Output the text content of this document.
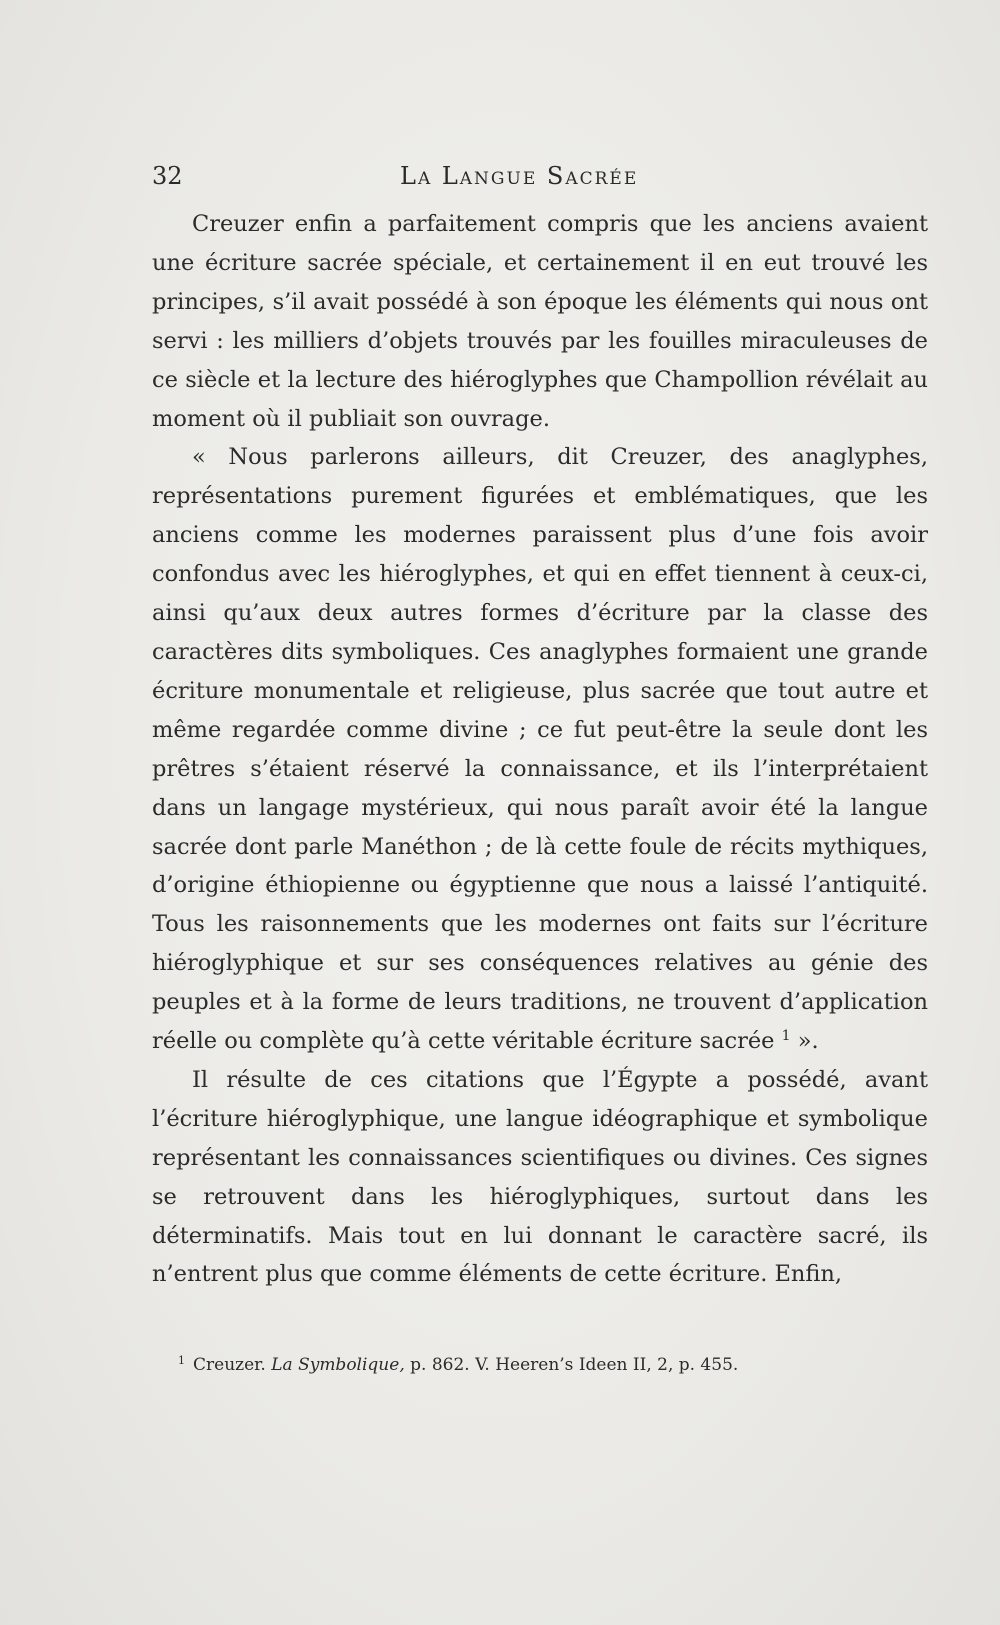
32	La Langue Sacrée

Creuzer enfin a parfaitement compris que les anciens avaient une écriture sacrée spéciale, et certainement il en eut trouvé les principes, s’il avait possédé à son époque les éléments qui nous ont servi : les milliers d’objets trouvés par les fouilles miraculeuses de ce siècle et la lecture des hiéroglyphes que Champollion révélait au moment où il publiait son ouvrage.

« Nous parlerons ailleurs, dit Creuzer, des anaglyphes, représentations purement figurées et emblématiques, que les anciens comme les modernes paraissent plus d’une fois avoir confondus avec les hiéroglyphes, et qui en effet tiennent à ceux-ci, ainsi qu’aux deux autres formes d’écriture par la classe des caractères dits symboliques. Ces anaglyphes formaient une grande écriture monumentale et religieuse, plus sacrée que tout autre et même regardée comme divine ; ce fut peut-être la seule dont les prêtres s’étaient réservé la connaissance, et ils l’interprétaient dans un langage mystérieux, qui nous paraît avoir été la langue sacrée dont parle Manéthon ; de là cette foule de récits mythiques, d’origine éthiopienne ou égyptienne que nous a laissé l’antiquité. Tous les raisonnements que les modernes ont faits sur l’écriture hiéroglyphique et sur ses conséquences relatives au génie des peuples et à la forme de leurs traditions, ne trouvent d’application réelle ou complète qu’à cette véritable écriture sacrée $^1$ ».

Il résulte de ces citations que l’Égypte a possédé, avant l’écriture hiéroglyphique, une langue idéographique et symbolique représentant les connaissances scientifiques ou divines. Ces signes se retrouvent dans les hiéroglyphiques, surtout dans les déterminatifs. Mais tout en lui donnant le caractère sacré, ils n’entrent plus que comme éléments de cette écriture. Enfin,

$^1$ Creuzer. La Symbolique, p. 862. V. Heeren’s Ideen II, 2, p. 455.
